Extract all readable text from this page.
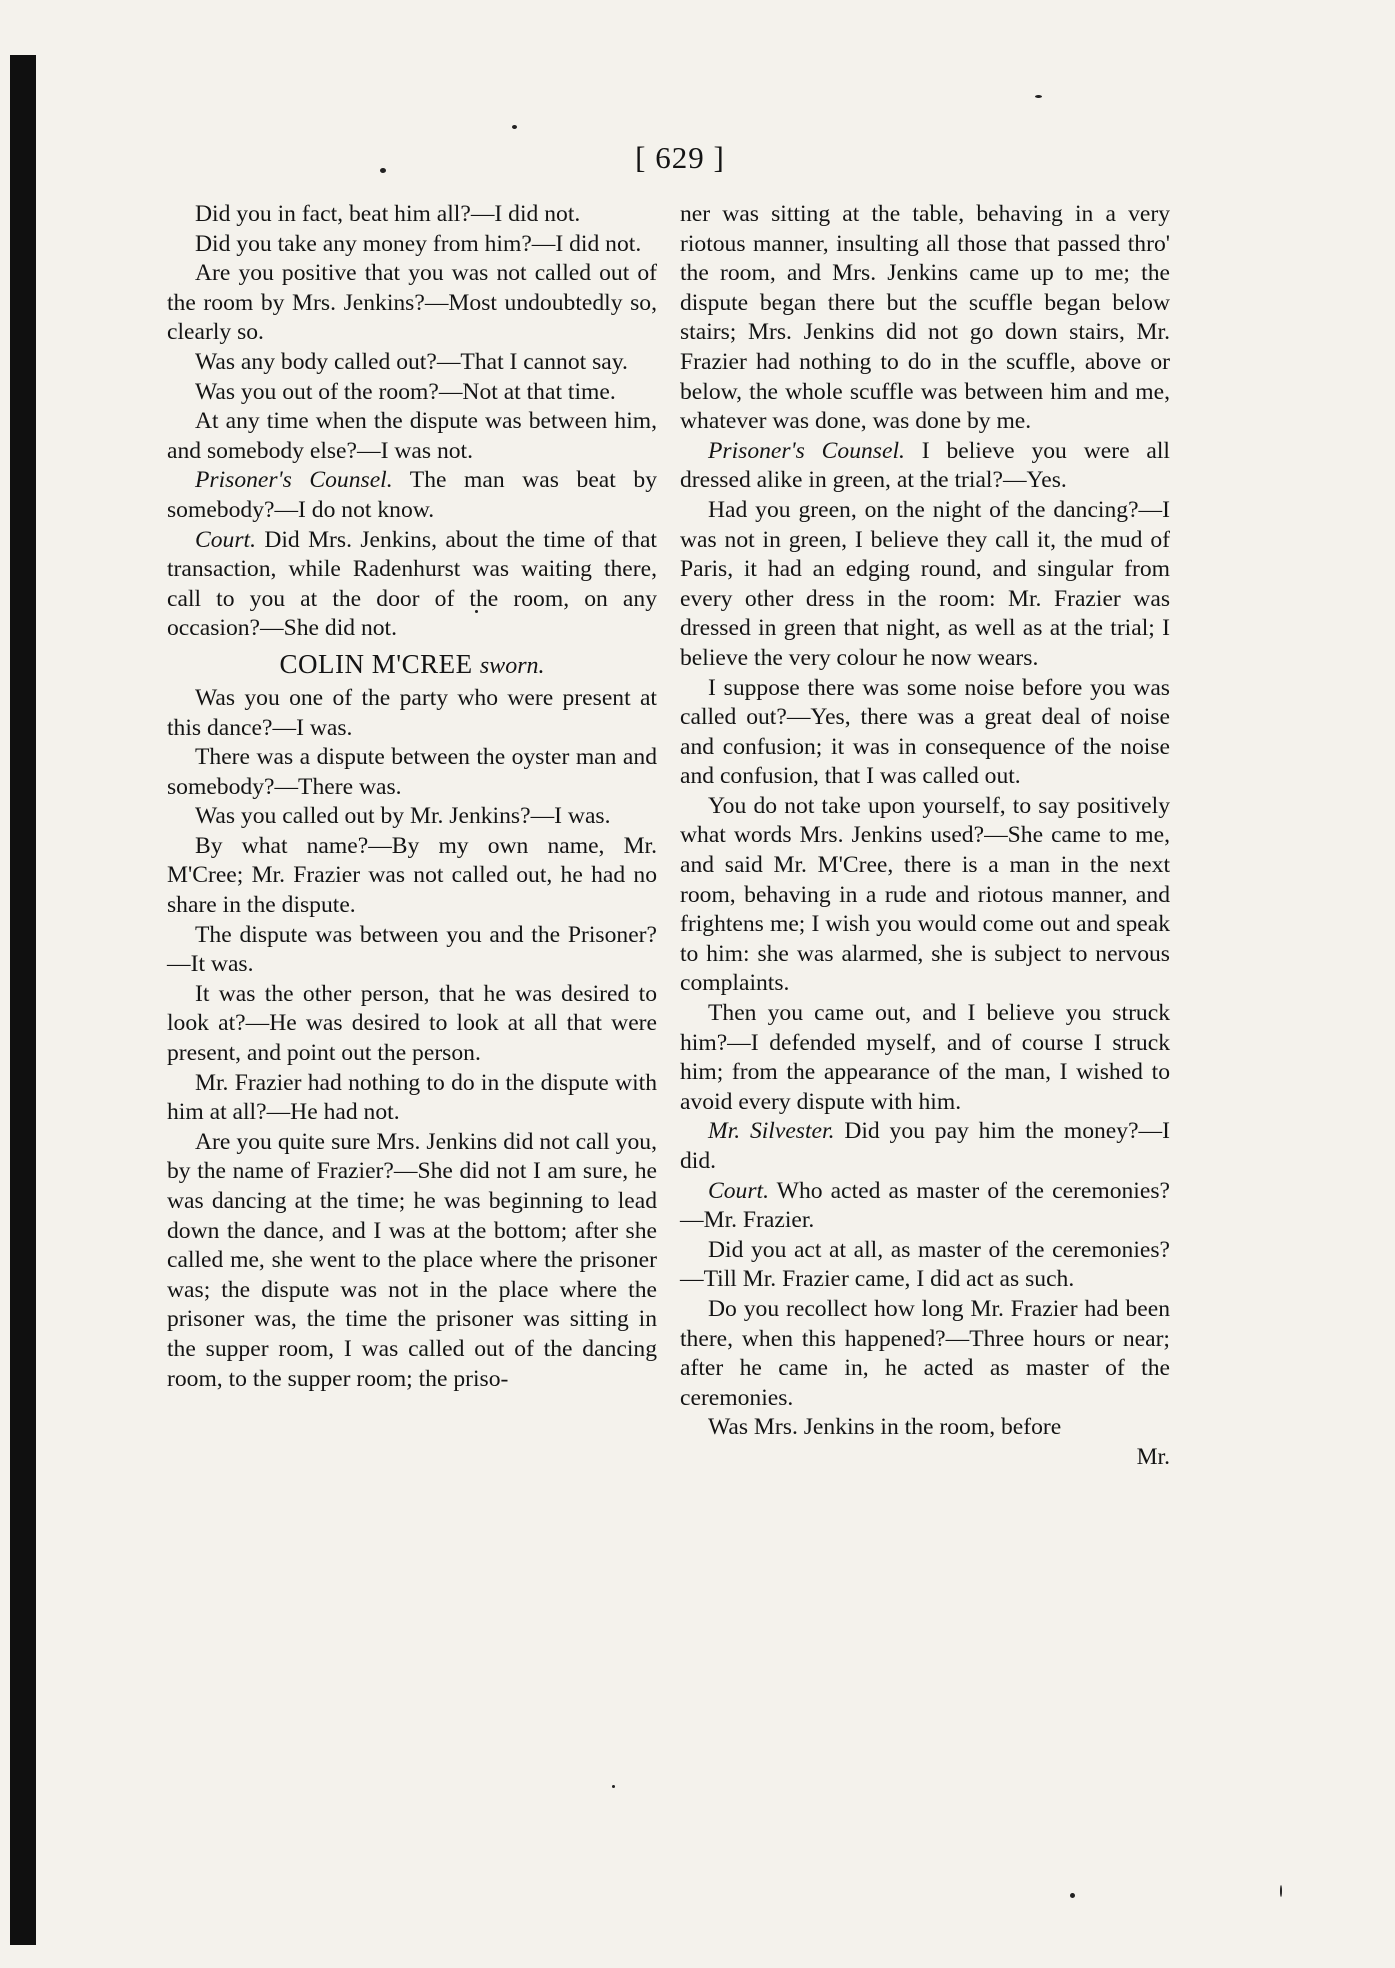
[ 629 ]

Did you in fact, beat him all?—I did not.

Did you take any money from him?—I did not.

Are you positive that you was not called out of the room by Mrs. Jenkins?—Most undoubtedly so, clearly so.

Was any body called out?—That I cannot say.

Was you out of the room?—Not at that time.

At any time when the dispute was between him, and somebody else?—I was not.

Prisoner's Counsel. The man was beat by somebody?—I do not know.

Court. Did Mrs. Jenkins, about the time of that transaction, while Radenhurst was waiting there, call to you at the door of the room, on any occasion?—She did not.

COLIN M'CREE sworn.

Was you one of the party who were present at this dance?—I was.

There was a dispute between the oyster man and somebody?—There was.

Was you called out by Mr. Jenkins?—I was.

By what name?—By my own name, Mr. M'Cree; Mr. Frazier was not called out, he had no share in the dispute.

The dispute was between you and the Prisoner?—It was.

It was the other person, that he was desired to look at?—He was desired to look at all that were present, and point out the person.

Mr. Frazier had nothing to do in the dispute with him at all?—He had not.

Are you quite sure Mrs. Jenkins did not call you, by the name of Frazier?—She did not I am sure, he was dancing at the time; he was beginning to lead down the dance, and I was at the bottom; after she called me, she went to the place where the prisoner was; the dispute was not in the place where the prisoner was, the time the prisoner was sitting in the supper room, I was called out of the dancing room, to the supper room; the priso-

ner was sitting at the table, behaving in a very riotous manner, insulting all those that passed thro' the room, and Mrs. Jenkins came up to me; the dispute began there but the scuffle began below stairs; Mrs. Jenkins did not go down stairs, Mr. Frazier had nothing to do in the scuffle, above or below, the whole scuffle was between him and me, whatever was done, was done by me.

Prisoner's Counsel. I believe you were all dressed alike in green, at the trial?—Yes.

Had you green, on the night of the dancing?—I was not in green, I believe they call it, the mud of Paris, it had an edging round, and singular from every other dress in the room: Mr. Frazier was dressed in green that night, as well as at the trial; I believe the very colour he now wears.

I suppose there was some noise before you was called out?—Yes, there was a great deal of noise and confusion; it was in consequence of the noise and confusion, that I was called out.

You do not take upon yourself, to say positively what words Mrs. Jenkins used?—She came to me, and said Mr. M'Cree, there is a man in the next room, behaving in a rude and riotous manner, and frightens me; I wish you would come out and speak to him: she was alarmed, she is subject to nervous complaints.

Then you came out, and I believe you struck him?—I defended myself, and of course I struck him; from the appearance of the man, I wished to avoid every dispute with him.

Mr. Silvester. Did you pay him the money?—I did.

Court. Who acted as master of the ceremonies?—Mr. Frazier.

Did you act at all, as master of the ceremonies?—Till Mr. Frazier came, I did act as such.

Do you recollect how long Mr. Frazier had been there, when this happened?—Three hours or near; after he came in, he acted as master of the ceremonies.

Was Mrs. Jenkins in the room, before

Mr.
